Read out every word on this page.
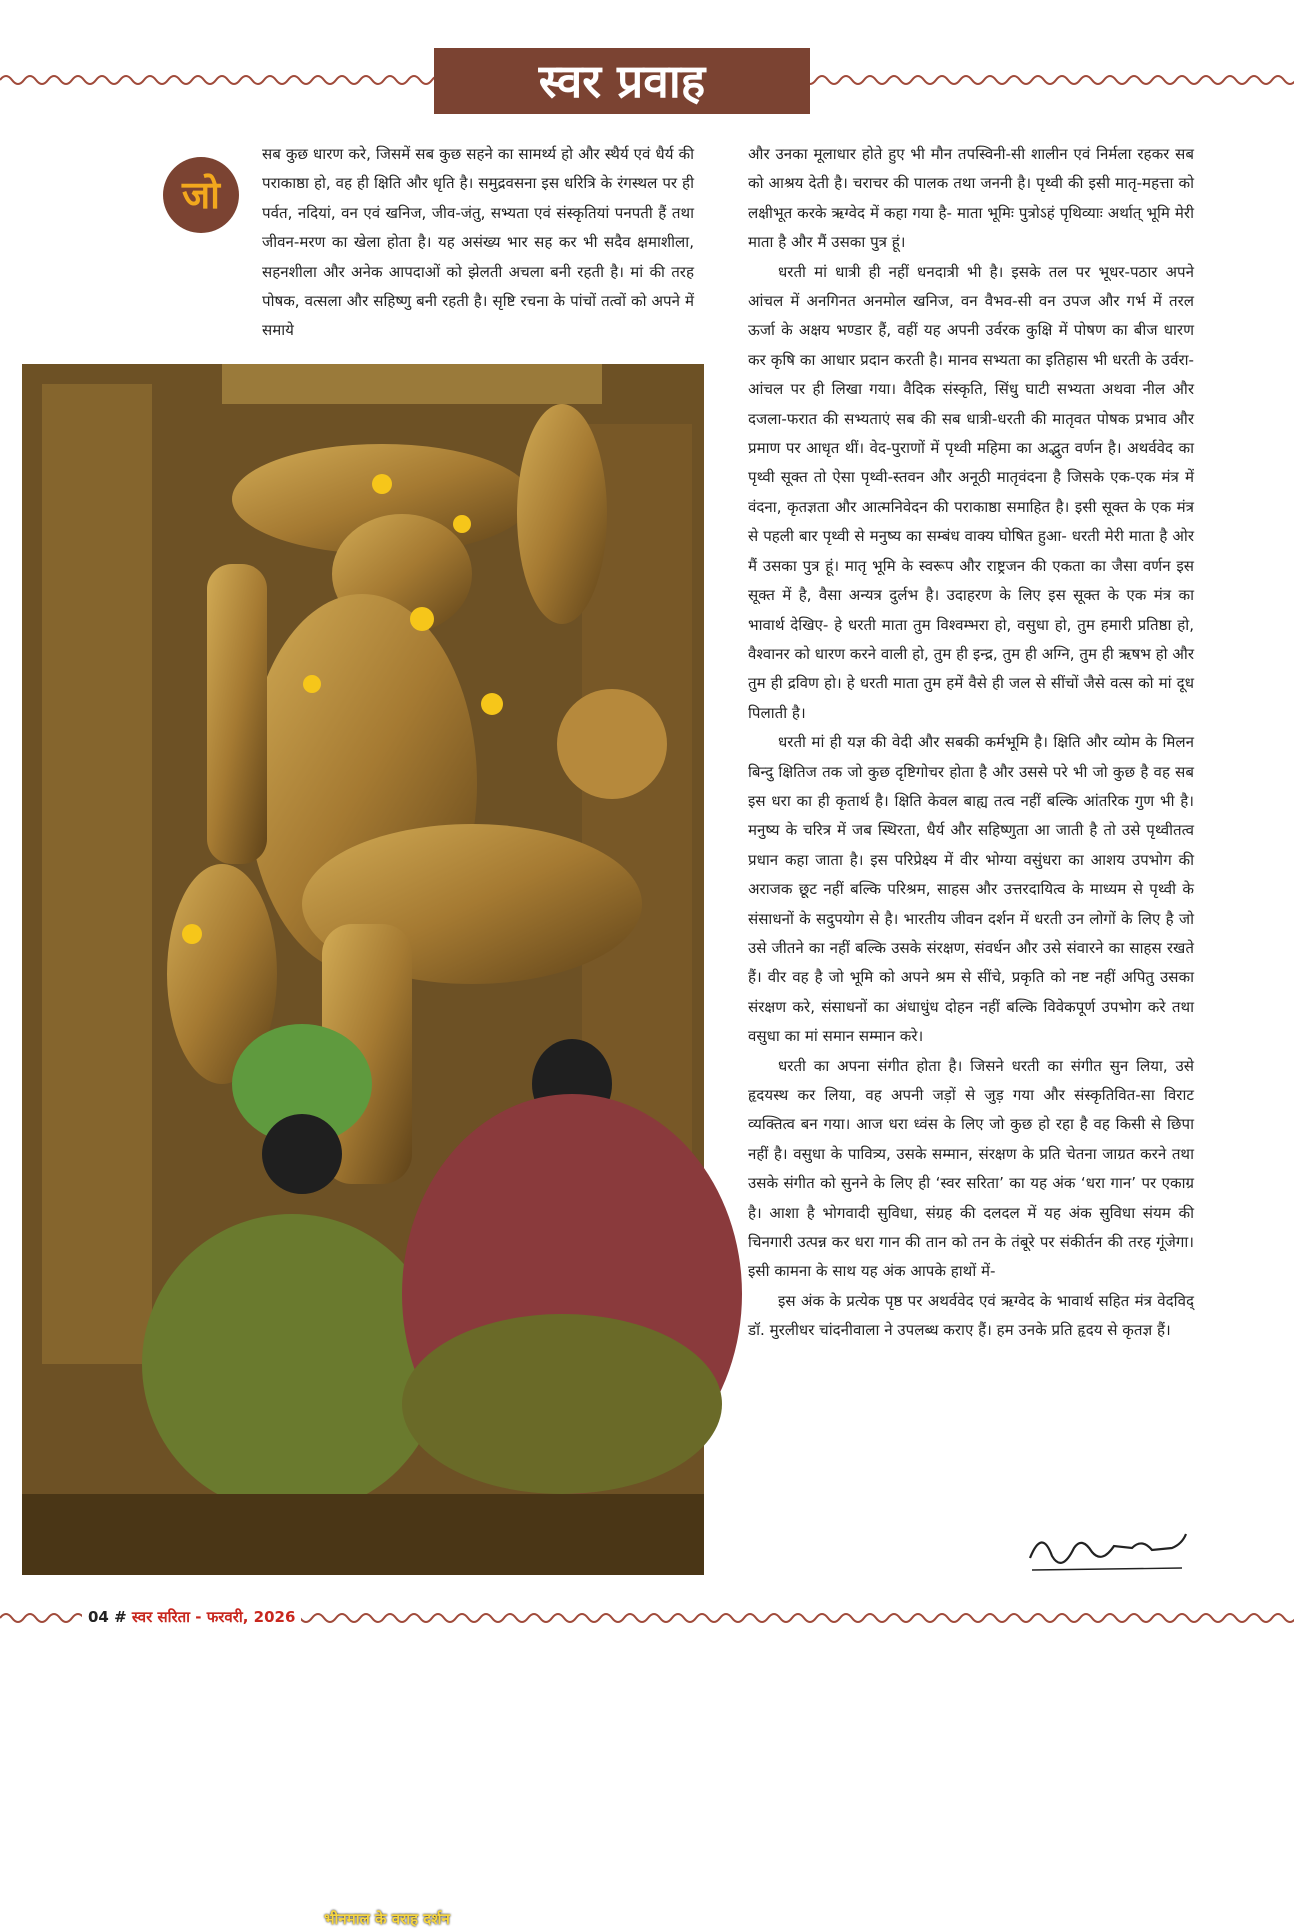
स्वर प्रवाह
जो

सब कुछ धारण करे, जिसमें सब कुछ सहने का सामर्थ्य हो और स्थैर्य एवं धैर्य की पराकाष्ठा हो, वह ही क्षिति और धृति है। समुद्रवसना इस धरित्रि के रंगस्थल पर ही पर्वत, नदियां, वन एवं खनिज, जीव-जंतु, सभ्यता एवं संस्कृतियां पनपती हैं तथा जीवन-मरण का खेला होता है। यह असंख्य भार सह कर भी सदैव क्षमाशीला, सहनशीला और अनेक आपदाओं को झेलती अचला बनी रहती है। मां की तरह पोषक, वत्सला और सहिष्णु बनी रहती है। सृष्टि रचना के पांचों तत्वों को अपने में समाये

और उनका मूलाधार होते हुए भी मौन तपस्विनी-सी शालीन एवं निर्मला रहकर सब को आश्रय देती है। चराचर की पालक तथा जननी है। पृथ्वी की इसी मातृ-महत्ता को लक्षीभूत करके ऋग्वेद में कहा गया है- माता भूमिः पुत्रोऽहं पृथिव्याः अर्थात् भूमि मेरी माता है और मैं उसका पुत्र हूं।

धरती मां धात्री ही नहीं धनदात्री भी है। इसके तल पर भूधर-पठार अपने आंचल में अनगिनत अनमोल खनिज, वन वैभव-सी वन उपज और गर्भ में तरल ऊर्जा के अक्षय भण्डार हैं, वहीं यह अपनी उर्वरक कुक्षि में पोषण का बीज धारण कर कृषि का आधार प्रदान करती है। मानव सभ्यता का इतिहास भी धरती के उर्वरा-आंचल पर ही लिखा गया। वैदिक संस्कृति, सिंधु घाटी सभ्यता अथवा नील और दजला-फरात की सभ्यताएं सब की सब धात्री-धरती की मातृवत पोषक प्रभाव और प्रमाण पर आधृत थीं। वेद-पुराणों में पृथ्वी महिमा का अद्भुत वर्णन है। अथर्ववेद का पृथ्वी सूक्त तो ऐसा पृथ्वी-स्तवन और अनूठी मातृवंदना है जिसके एक-एक मंत्र में वंदना, कृतज्ञता और आत्मनिवेदन की पराकाष्ठा समाहित है। इसी सूक्त के एक मंत्र से पहली बार पृथ्वी से मनुष्य का सम्बंध वाक्य घोषित हुआ- धरती मेरी माता है ओर मैं उसका पुत्र हूं। मातृ भूमि के स्वरूप और राष्ट्रजन की एकता का जैसा वर्णन इस सूक्त में है, वैसा अन्यत्र दुर्लभ है। उदाहरण के लिए इस सूक्त के एक मंत्र का भावार्थ देखिए- हे धरती माता तुम विश्वम्भरा हो, वसुधा हो, तुम हमारी प्रतिष्ठा हो, वैश्वानर को धारण करने वाली हो, तुम ही इन्द्र, तुम ही अग्नि, तुम ही ऋषभ हो और तुम ही द्रविण हो। हे धरती माता तुम हमें वैसे ही जल से सींचों जैसे वत्स को मां दूध पिलाती है।

धरती मां ही यज्ञ की वेदी और सबकी कर्मभूमि है। क्षिति और व्योम के मिलन बिन्दु क्षितिज तक जो कुछ दृष्टिगोचर होता है और उससे परे भी जो कुछ है वह सब इस धरा का ही कृतार्थ है। क्षिति केवल बाह्य तत्व नहीं बल्कि आंतरिक गुण भी है। मनुष्य के चरित्र में जब स्थिरता, धैर्य और सहिष्णुता आ जाती है तो उसे पृथ्वीतत्व प्रधान कहा जाता है। इस परिप्रेक्ष्य में वीर भोग्या वसुंधरा का आशय उपभोग की अराजक छूट नहीं बल्कि परिश्रम, साहस और उत्तरदायित्व के माध्यम से पृथ्वी के संसाधनों के सदुपयोग से है। भारतीय जीवन दर्शन में धरती उन लोगों के लिए है जो उसे जीतने का नहीं बल्कि उसके संरक्षण, संवर्धन और उसे संवारने का साहस रखते हैं। वीर वह है जो भूमि को अपने श्रम से सींचे, प्रकृति को नष्ट नहीं अपितु उसका संरक्षण करे, संसाधनों का अंधाधुंध दोहन नहीं बल्कि विवेकपूर्ण उपभोग करे तथा वसुधा का मां समान सम्मान करे।

धरती का अपना संगीत होता है। जिसने धरती का संगीत सुन लिया, उसे हृदयस्थ कर लिया, वह अपनी जड़ों से जुड़ गया और संस्कृतिवित-सा विराट व्यक्तित्व बन गया। आज धरा ध्वंस के लिए जो कुछ हो रहा है वह किसी से छिपा नहीं है। वसुधा के पावित्र्य, उसके सम्मान, संरक्षण के प्रति चेतना जाग्रत करने तथा उसके संगीत को सुनने के लिए ही ‘स्वर सरिता’ का यह अंक ‘धरा गान’ पर एकाग्र है। आशा है भोगवादी सुविधा, संग्रह की दलदल में यह अंक सुविधा संयम की चिनगारी उत्पन्न कर धरा गान की तान को तन के तंबूरे पर संकीर्तन की तरह गूंजेगा। इसी कामना के साथ यह अंक आपके हाथों में-

इस अंक के प्रत्येक पृष्ठ पर अथर्ववेद एवं ऋग्वेद के भावार्थ सहित मंत्र वेदविद् डॉ. मुरलीधर चांदनीवाला ने उपलब्ध कराए हैं। हम उनके प्रति हृदय से कृतज्ञ हैं।

भीनमाल के वराह दर्शन
04 # स्वर सरिता - फरवरी, 2026
